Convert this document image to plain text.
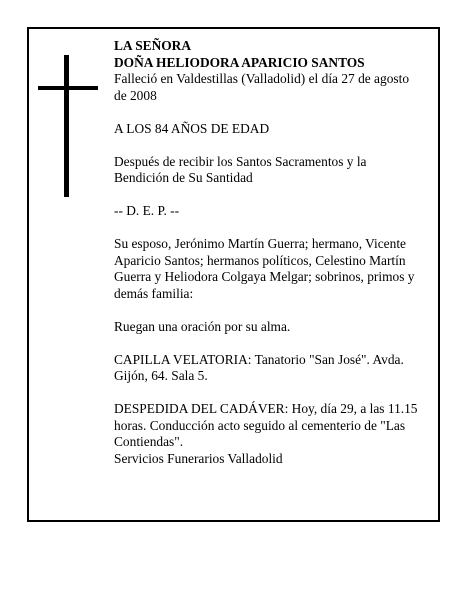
LA SEÑORA

DOÑA HELIODORA APARICIO SANTOS

Falleció en Valdestillas (Valladolid) el día 27 de agosto de 2008

A LOS 84 AÑOS DE EDAD

Después de recibir los Santos Sacramentos y la Bendición de Su Santidad

-- D. E. P. --

Su esposo, Jerónimo Martín Guerra; hermano, Vicente Aparicio Santos; hermanos políticos, Celestino Martín Guerra y Heliodora Colgaya Melgar; sobrinos, primos y demás familia:

Ruegan una oración por su alma.

CAPILLA VELATORIA: Tanatorio "San José". Avda. Gijón, 64. Sala 5.

DESPEDIDA DEL CADÁVER: Hoy, día 29, a las 11.15 horas. Conducción acto seguido al cementerio de "Las Contiendas".

Servicios Funerarios Valladolid
